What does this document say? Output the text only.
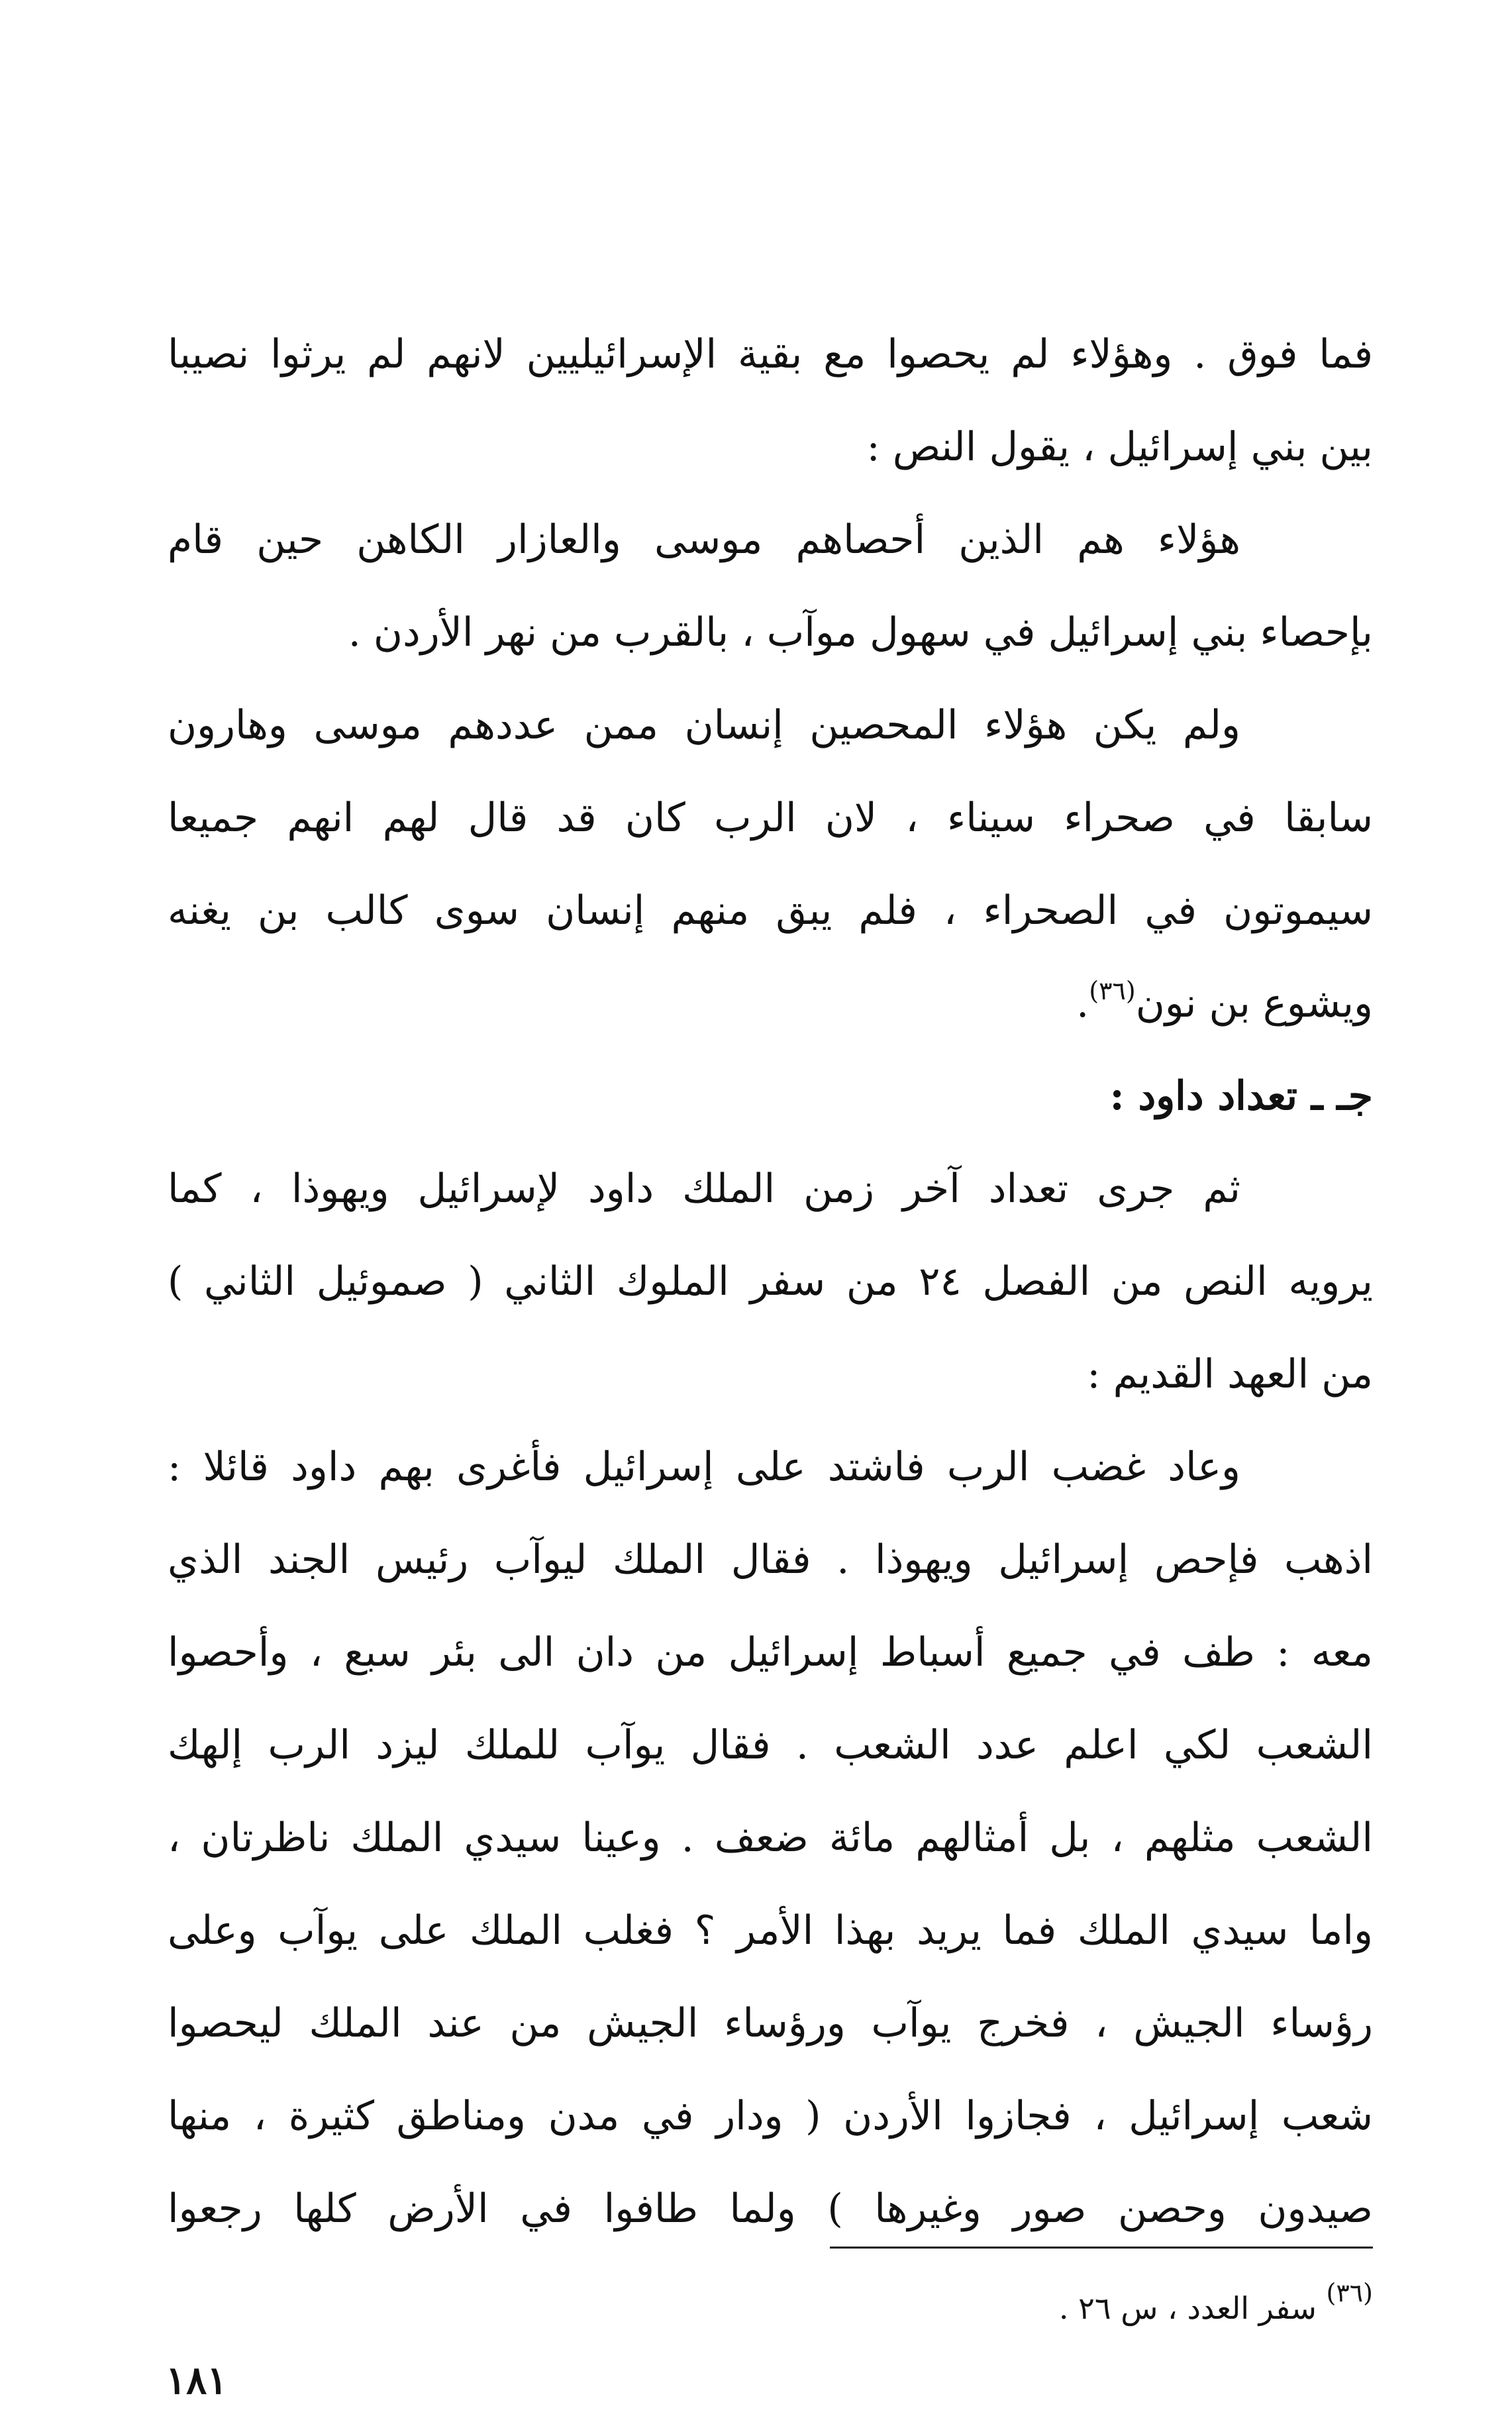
فما فوق . وهؤلاء لم يحصوا مع بقية الإسرائيليين لانهم لم يرثوا نصيبا
بين بني إسرائيل ، يقول النص :
هؤلاء هم الذين أحصاهم موسى والعازار الكاهن حين قام
بإحصاء بني إسرائيل في سهول موآب ، بالقرب من نهر الأردن .
ولم يكن هؤلاء المحصين إنسان ممن عددهم موسى وهارون
سابقا في صحراء سيناء ، لان الرب كان قد قال لهم انهم جميعا
سيموتون في الصحراء ، فلم يبق منهم إنسان سوى كالب بن يغنه
ويشوع بن نون$^{(٣٦)}$.
جـ ـ تعداد داود :
ثم جرى تعداد آخر زمن الملك داود لإسرائيل ويهوذا ، كما
يرويه النص من الفصل ٢٤ من سفر الملوك الثاني ( صموئيل الثاني )
من العهد القديم :
وعاد غضب الرب فاشتد على إسرائيل فأغرى بهم داود قائلا :
اذهب فإحص إسرائيل ويهوذا . فقال الملك ليوآب رئيس الجند الذي
معه : طف في جميع أسباط إسرائيل من دان الى بئر سبع ، وأحصوا
الشعب لكي اعلم عدد الشعب . فقال يوآب للملك ليزد الرب إلهك
الشعب مثلهم ، بل أمثالهم مائة ضعف . وعينا سيدي الملك ناظرتان ،
واما سيدي الملك فما يريد بهذا الأمر ؟ فغلب الملك على يوآب وعلى
رؤساء الجيش ، فخرج يوآب ورؤساء الجيش من عند الملك ليحصوا
شعب إسرائيل ، فجازوا الأردن ( ودار في مدن ومناطق كثيرة ، منها
صيدون وحصن صور وغيرها ) ولما طافوا في الأرض كلها رجعوا
$^{(٣٦)}$ سفر العدد ، س ٢٦ .
١٨١
